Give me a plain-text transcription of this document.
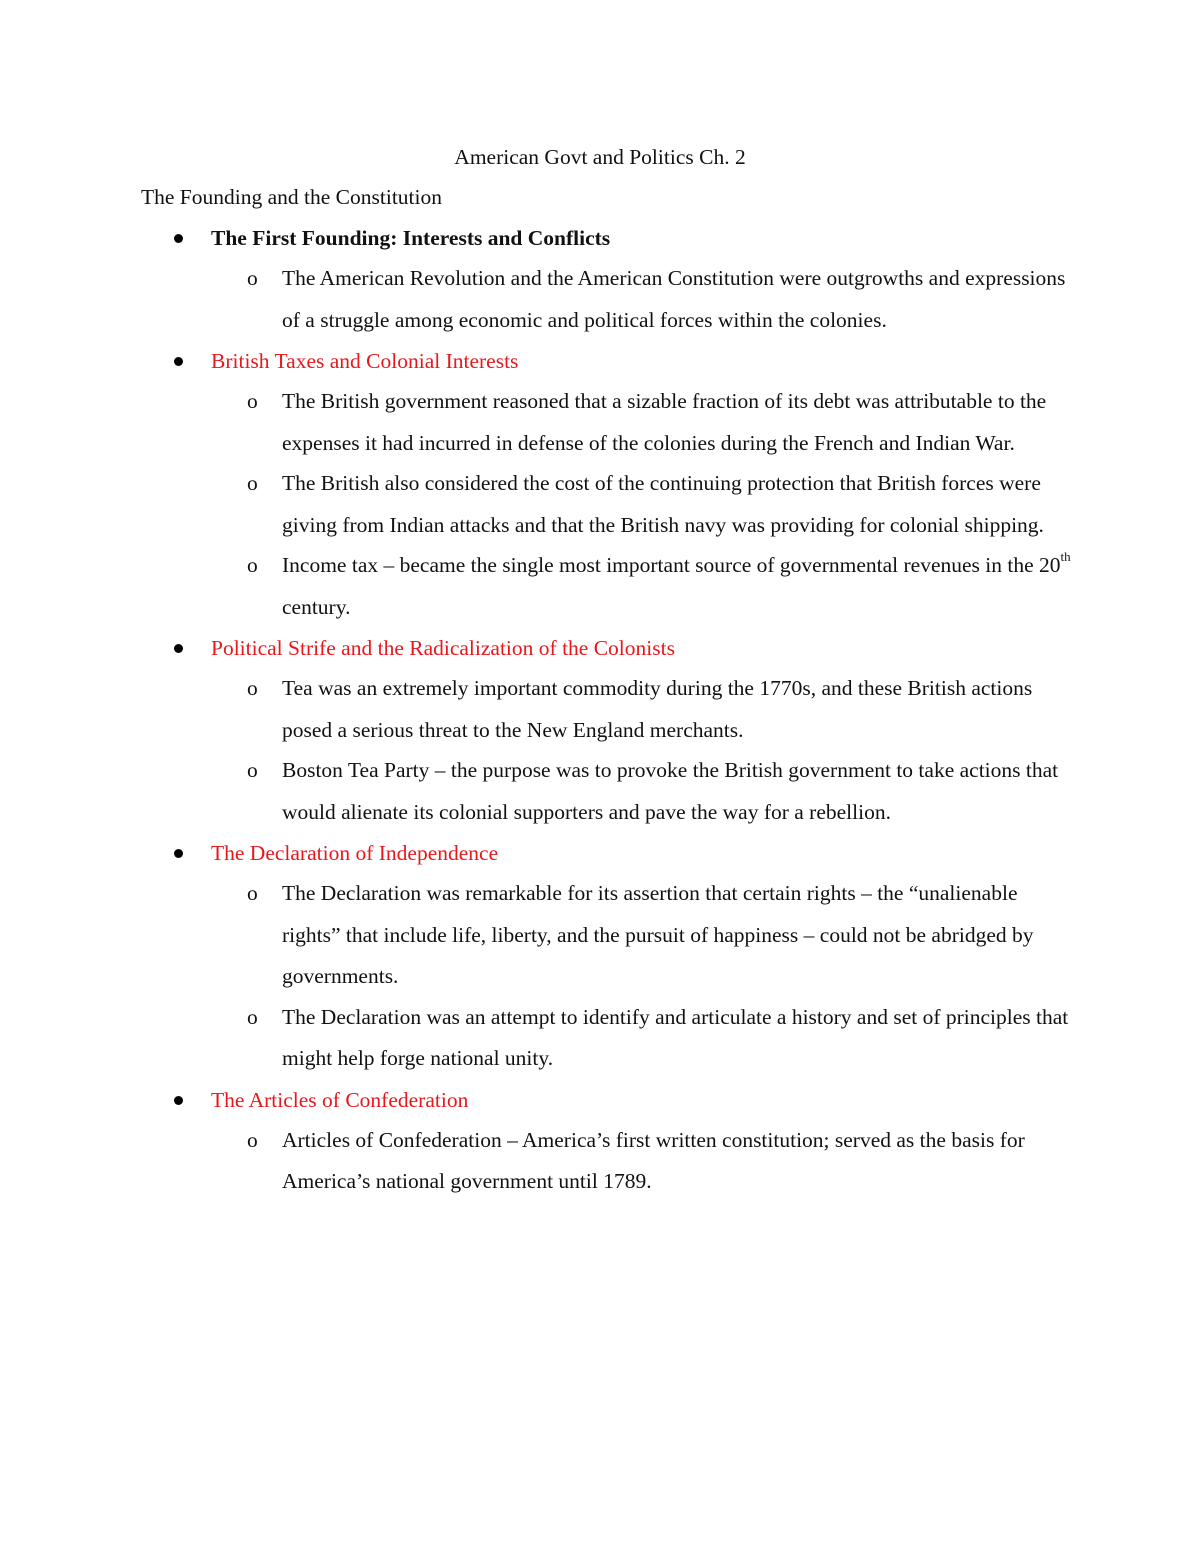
American Govt and Politics Ch. 2
The Founding and the Constitution
The First Founding: Interests and Conflicts
o The American Revolution and the American Constitution were outgrowths and expressions of a struggle among economic and political forces within the colonies.
British Taxes and Colonial Interests
o The British government reasoned that a sizable fraction of its debt was attributable to the expenses it had incurred in defense of the colonies during the French and Indian War.
o The British also considered the cost of the continuing protection that British forces were giving from Indian attacks and that the British navy was providing for colonial shipping.
o Income tax – became the single most important source of governmental revenues in the 20th century.
Political Strife and the Radicalization of the Colonists
o Tea was an extremely important commodity during the 1770s, and these British actions posed a serious threat to the New England merchants.
o Boston Tea Party – the purpose was to provoke the British government to take actions that would alienate its colonial supporters and pave the way for a rebellion.
The Declaration of Independence
o The Declaration was remarkable for its assertion that certain rights – the “unalienable rights” that include life, liberty, and the pursuit of happiness – could not be abridged by governments.
o The Declaration was an attempt to identify and articulate a history and set of principles that might help forge national unity.
The Articles of Confederation
o Articles of Confederation – America’s first written constitution; served as the basis for America’s national government until 1789.
